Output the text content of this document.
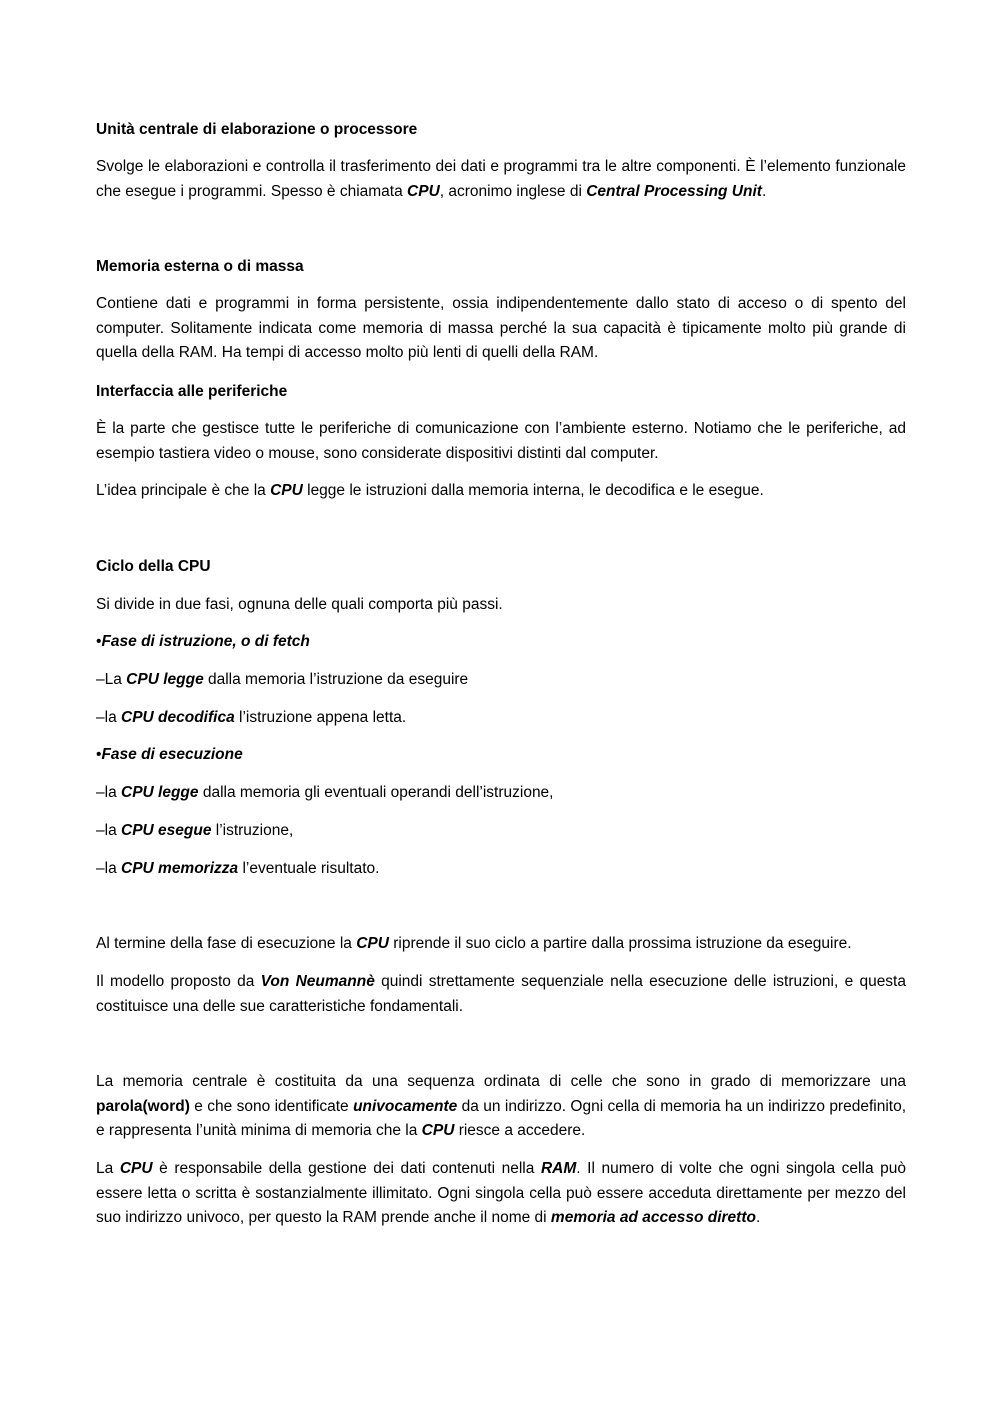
Unità centrale di elaborazione o processore

Svolge le elaborazioni e controlla il trasferimento dei dati e programmi tra le altre componenti. È l’elemento funzionale che esegue i programmi. Spesso è chiamata CPU, acronimo inglese di Central Processing Unit.

Memoria esterna o di massa

Contiene dati e programmi in forma persistente, ossia indipendentemente dallo stato di acceso o di spento del computer. Solitamente indicata come memoria di massa perché la sua capacità è tipicamente molto più grande di quella della RAM. Ha tempi di accesso molto più lenti di quelli della RAM.

Interfaccia alle periferiche

È la parte che gestisce tutte le periferiche di comunicazione con l’ambiente esterno. Notiamo che le periferiche, ad esempio tastiera video o mouse, sono considerate dispositivi distinti dal computer.

L’idea principale è che la CPU legge le istruzioni dalla memoria interna, le decodifica e le esegue.

Ciclo della CPU

Si divide in due fasi, ognuna delle quali comporta più passi.

•Fase di istruzione, o di fetch

–La CPU legge dalla memoria l’istruzione da eseguire

–la CPU decodifica l’istruzione appena letta.

•Fase di esecuzione

–la CPU legge dalla memoria gli eventuali operandi dell’istruzione,

–la CPU esegue l’istruzione,

–la CPU memorizza l’eventuale risultato.

Al termine della fase di esecuzione la CPU riprende il suo ciclo a partire dalla prossima istruzione da eseguire.

Il modello proposto da Von Neumannè quindi strettamente sequenziale nella esecuzione delle istruzioni, e questa costituisce una delle sue caratteristiche fondamentali.

La memoria centrale è costituita da una sequenza ordinata di celle che sono in grado di memorizzare una parola(word) e che sono identificate univocamente da un indirizzo. Ogni cella di memoria ha un indirizzo predefinito, e rappresenta l’unità minima di memoria che la CPU riesce a accedere.

La CPU è responsabile della gestione dei dati contenuti nella RAM. Il numero di volte che ogni singola cella può essere letta o scritta è sostanzialmente illimitato. Ogni singola cella può essere acceduta direttamente per mezzo del suo indirizzo univoco, per questo la RAM prende anche il nome di memoria ad accesso diretto.
